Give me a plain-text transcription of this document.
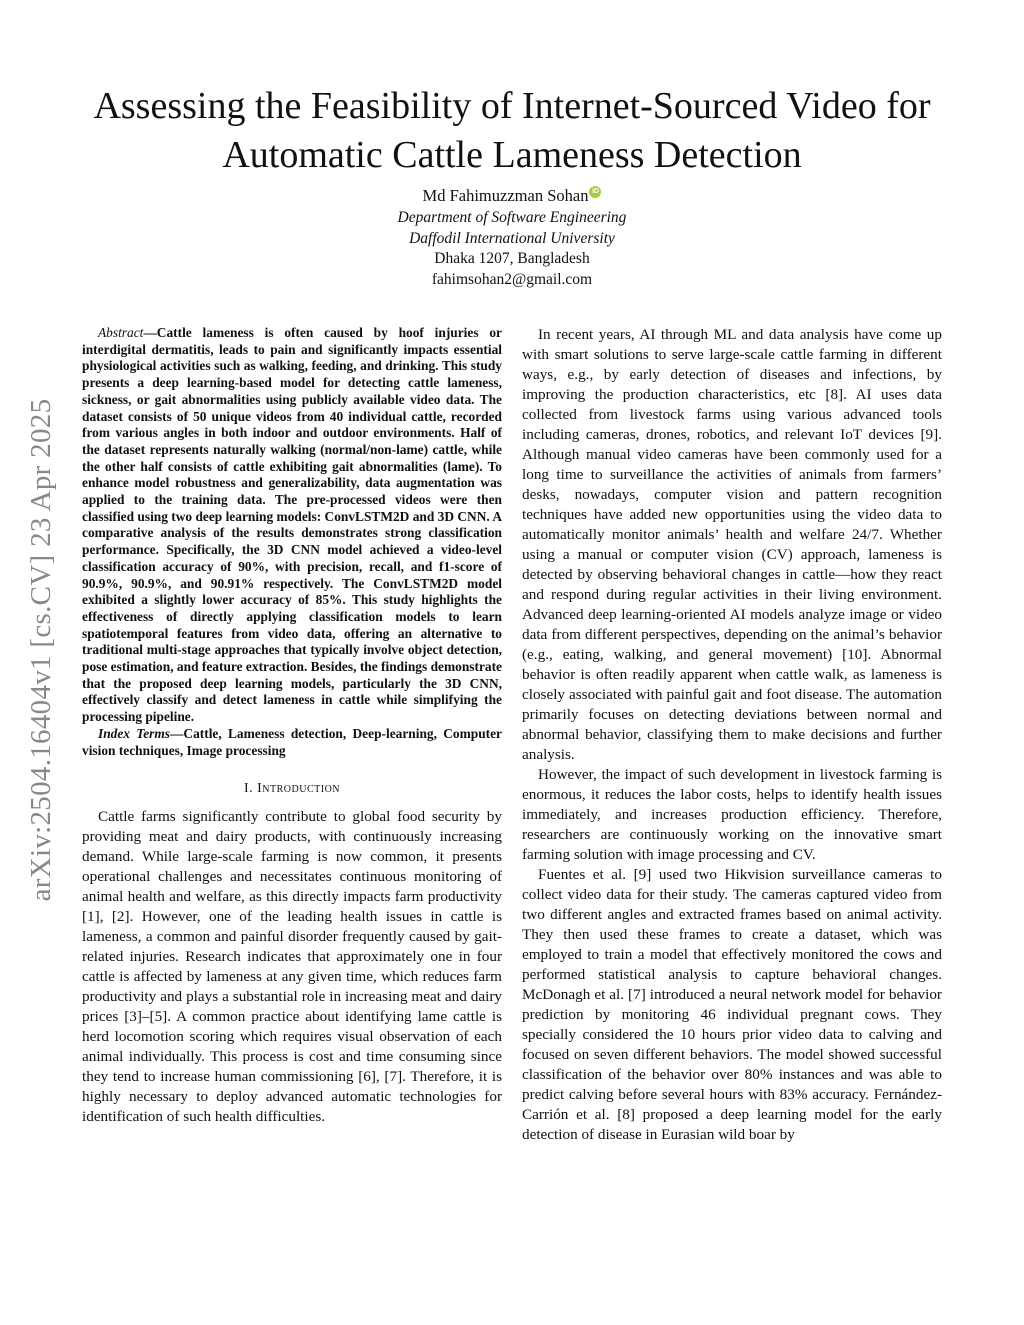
arXiv:2504.16404v1 [cs.CV] 23 Apr 2025
Assessing the Feasibility of Internet-Sourced Video for Automatic Cattle Lameness Detection
Md Fahimuzzman Sohan iD
Department of Software Engineering
Daffodil International University
Dhaka 1207, Bangladesh
fahimsohan2@gmail.com

Abstract—Cattle lameness is often caused by hoof injuries or interdigital dermatitis, leads to pain and significantly impacts essential physiological activities such as walking, feeding, and drinking. This study presents a deep learning-based model for detecting cattle lameness, sickness, or gait abnormalities using publicly available video data. The dataset consists of 50 unique videos from 40 individual cattle, recorded from various angles in both indoor and outdoor environments. Half of the dataset represents naturally walking (normal/non-lame) cattle, while the other half consists of cattle exhibiting gait abnormalities (lame). To enhance model robustness and generalizability, data augmentation was applied to the training data. The pre-processed videos were then classified using two deep learning models: ConvLSTM2D and 3D CNN. A comparative analysis of the results demonstrates strong classification performance. Specifically, the 3D CNN model achieved a video-level classification accuracy of 90%, with precision, recall, and f1-score of 90.9%, 90.9%, and 90.91% respectively. The ConvLSTM2D model exhibited a slightly lower accuracy of 85%. This study highlights the effectiveness of directly applying classification models to learn spatiotemporal features from video data, offering an alternative to traditional multi-stage approaches that typically involve object detection, pose estimation, and feature extraction. Besides, the findings demonstrate that the proposed deep learning models, particularly the 3D CNN, effectively classify and detect lameness in cattle while simplifying the processing pipeline.

Index Terms—Cattle, Lameness detection, Deep-learning, Computer vision techniques, Image processing

I. Introduction

Cattle farms significantly contribute to global food security by providing meat and dairy products, with continuously increasing demand. While large-scale farming is now common, it presents operational challenges and necessitates continuous monitoring of animal health and welfare, as this directly impacts farm productivity [1], [2]. However, one of the leading health issues in cattle is lameness, a common and painful disorder frequently caused by gait-related injuries. Research indicates that approximately one in four cattle is affected by lameness at any given time, which reduces farm productivity and plays a substantial role in increasing meat and dairy prices [3]–[5]. A common practice about identifying lame cattle is herd locomotion scoring which requires visual observation of each animal individually. This process is cost and time consuming since they tend to increase human commissioning [6], [7]. Therefore, it is highly necessary to deploy advanced automatic technologies for identification of such health difficulties.

In recent years, AI through ML and data analysis have come up with smart solutions to serve large-scale cattle farming in different ways, e.g., by early detection of diseases and infections, by improving the production characteristics, etc [8]. AI uses data collected from livestock farms using various advanced tools including cameras, drones, robotics, and relevant IoT devices [9]. Although manual video cameras have been commonly used for a long time to surveillance the activities of animals from farmers’ desks, nowadays, computer vision and pattern recognition techniques have added new opportunities using the video data to automatically monitor animals’ health and welfare 24/7. Whether using a manual or computer vision (CV) approach, lameness is detected by observing behavioral changes in cattle—how they react and respond during regular activities in their living environment. Advanced deep learning-oriented AI models analyze image or video data from different perspectives, depending on the animal’s behavior (e.g., eating, walking, and general movement) [10]. Abnormal behavior is often readily apparent when cattle walk, as lameness is closely associated with painful gait and foot disease. The automation primarily focuses on detecting deviations between normal and abnormal behavior, classifying them to make decisions and further analysis.

However, the impact of such development in livestock farming is enormous, it reduces the labor costs, helps to identify health issues immediately, and increases production efficiency. Therefore, researchers are continuously working on the innovative smart farming solution with image processing and CV.

Fuentes et al. [9] used two Hikvision surveillance cameras to collect video data for their study. The cameras captured video from two different angles and extracted frames based on animal activity. They then used these frames to create a dataset, which was employed to train a model that effectively monitored the cows and performed statistical analysis to capture behavioral changes. McDonagh et al. [7] introduced a neural network model for behavior prediction by monitoring 46 individual pregnant cows. They specially considered the 10 hours prior video data to calving and focused on seven different behaviors. The model showed successful classification of the behavior over 80% instances and was able to predict calving before several hours with 83% accuracy. Fernández-Carrión et al. [8] proposed a deep learning model for the early detection of disease in Eurasian wild boar by
